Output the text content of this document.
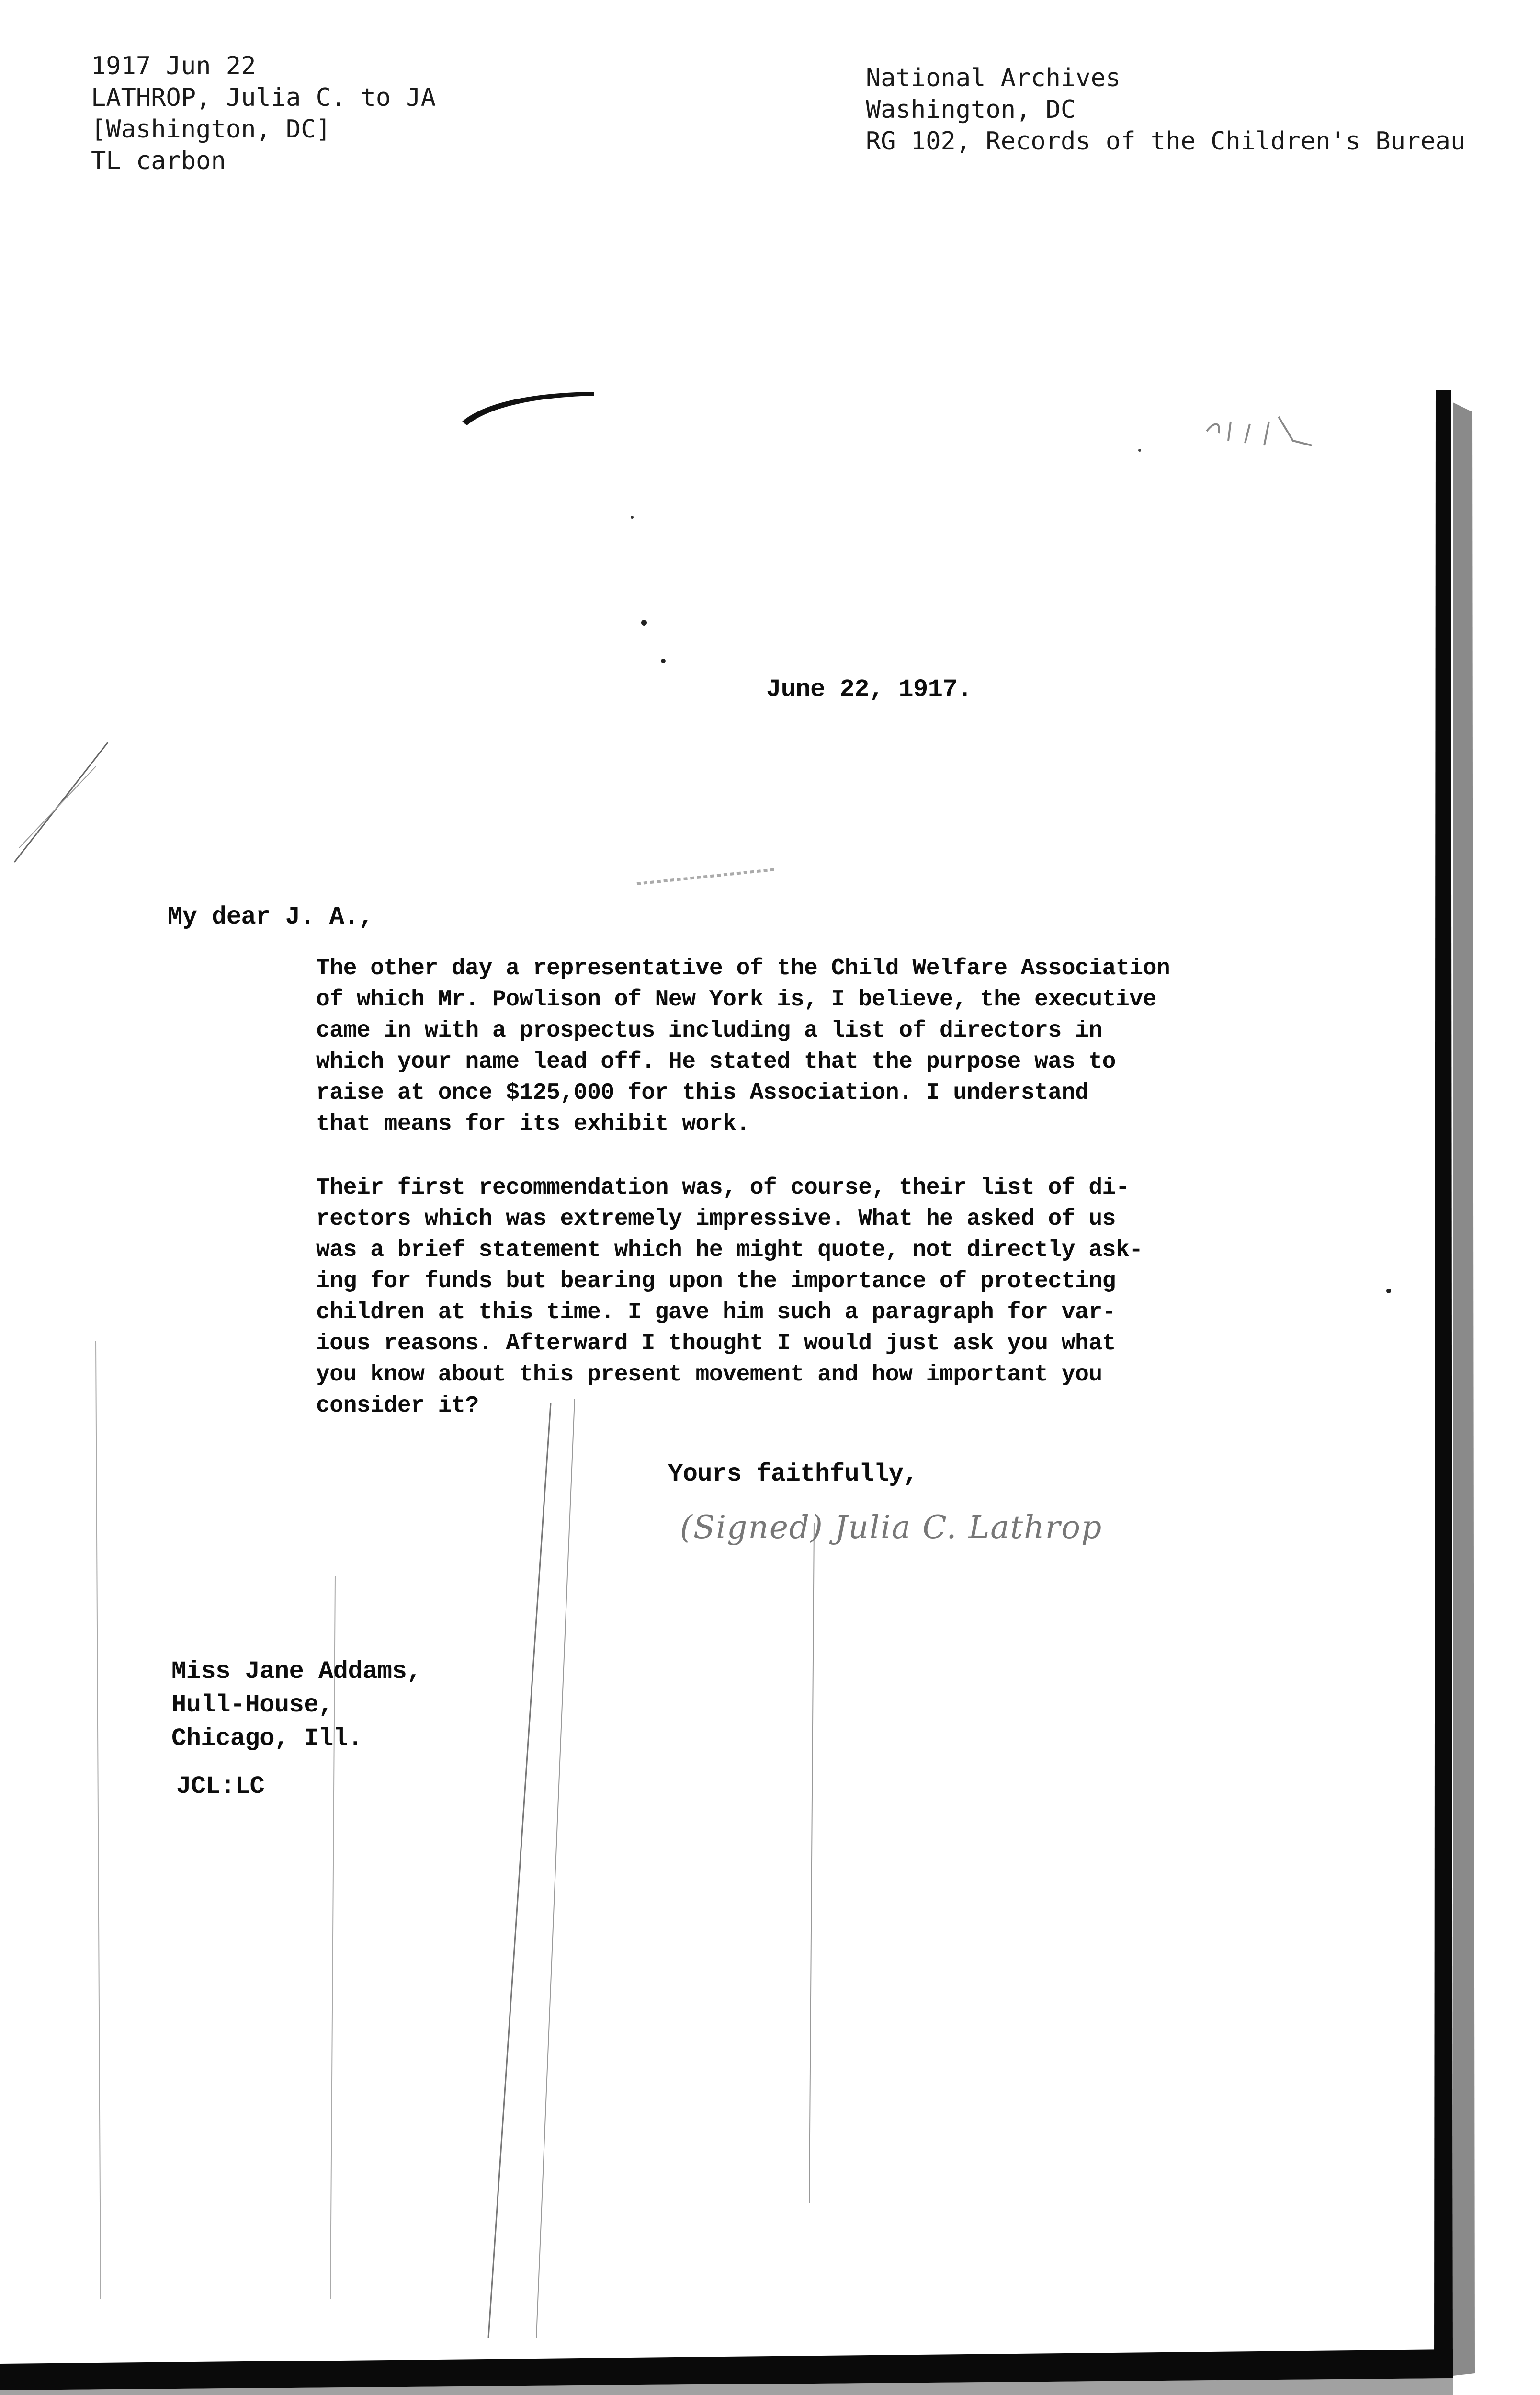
1917 Jun 22
LATHROP, Julia C. to JA
[Washington, DC]
TL carbon
National Archives
Washington, DC
RG 102, Records of the Children's Bureau
June 22, 1917.
My dear J. A.,
The other day a representative of the Child Welfare Association
of which Mr. Powlison of New York is, I believe, the executive
came in with a prospectus including a list of directors in
which your name lead off. He stated that the purpose was to
raise at once $125,000 for this Association. I understand
that means for its exhibit work.
Their first recommendation was, of course, their list of di-
rectors which was extremely impressive. What he asked of us
was a brief statement which he might quote, not directly ask-
ing for funds but bearing upon the importance of protecting
children at this time. I gave him such a paragraph for var-
ious reasons. Afterward I thought I would just ask you what
you know about this present movement and how important you
consider it?
Yours faithfully,
(Signed) Julia C. Lathrop
Miss Jane Addams,
Hull-House,
Chicago, Ill.
JCL:LC
